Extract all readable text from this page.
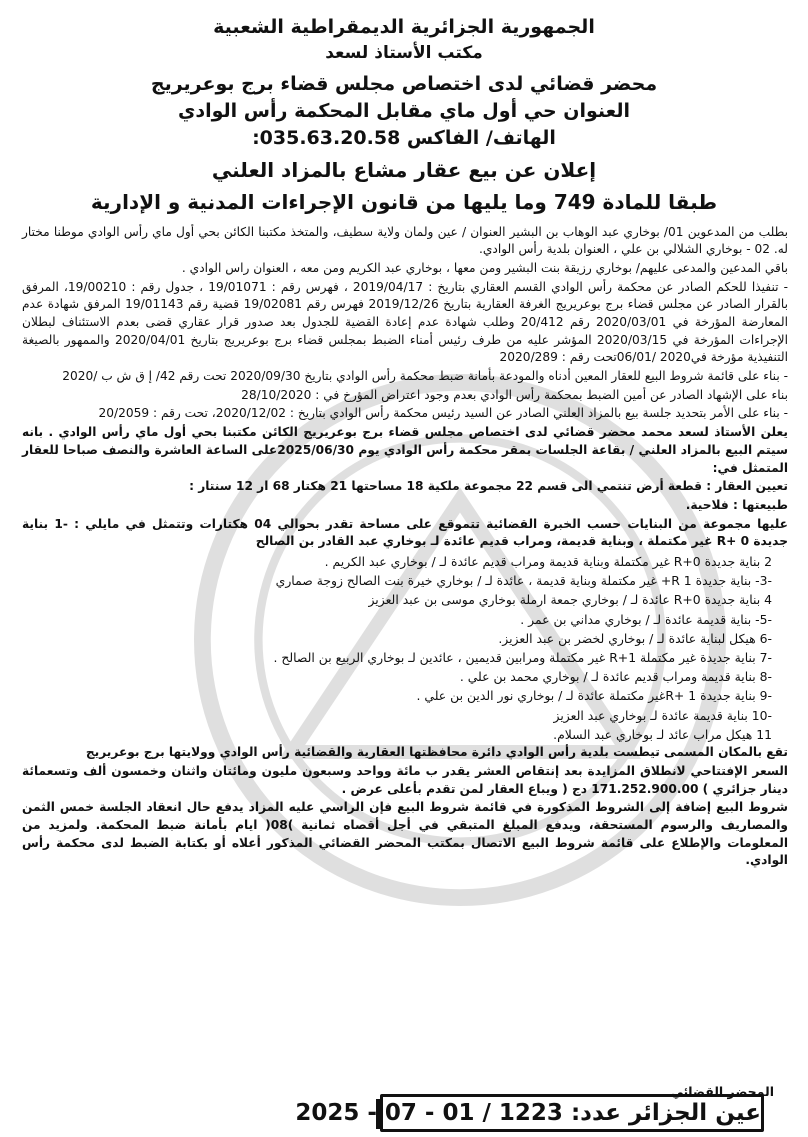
الجمهورية الجزائرية الديمقراطية الشعبية
مكتب الأستاذ لسعد
محضر قضائي لدى اختصاص مجلس قضاء برج بوعريريج
العنوان حي أول ماي مقابل المحكمة رأس الوادي
الهاتف/ الفاكس 035.63.20.58:
إعلان عن بيع عقار مشاع بالمزاد العلني
طبقا للمادة 749 وما يليها من قانون الإجراءات المدنية و الإدارية

بطلب من المدعوين 01/ بوخاري عبد الوهاب بن البشير العنوان / عين ولمان ولاية سطيف، والمتخذ مكتبنا الكائن بحي أول ماي رأس الوادي موطنا مختار له. 02 - بوخاري الشلالي بن علي ، العنوان بلدية رأس الوادي.

باقي المدعين والمدعى عليهم/ بوخاري رزيقة بنت البشير ومن معها ، بوخاري عبد الكريم ومن معه ، العنوان راس الوادي .

- تنفيذا للحكم الصادر عن محكمة رأس الوادي القسم العقاري بتاريخ : 2019/04/17 ، فهرس رقم : 19/01071 ، جدول رقم : 19/00210، المرفق بالقرار الصادر عن مجلس قضاء برج بوعريريج الغرفة العقارية بتاريخ 2019/12/26 فهرس رقم 19/02081 قضية رقم 19/01143 المرفق شهادة عدم المعارضة المؤرخة في 2020/03/01 رقم 20/412 وطلب شهادة عدم إعادة القضية للجدول بعد صدور قرار عقاري قضى بعدم الاستئناف لبطلان الإجراءات المؤرخة في 2020/03/15 المؤشر عليه من طرف رئيس أمناء الضبط بمجلس قضاء برج بوعريريج بتاريخ 2020/04/01 والممهور بالصيغة التنفيذية مؤرخة في2020 /06/01تحت رقم : 2020/289

- بناء على قائمة شروط البيع للعقار المعين أدناه والمودعة بأمانة ضبط محكمة رأس الوادي بتاريخ 2020/09/30 تحت رقم 42/ إ ق ش ب /2020

بناء على الإشهاد الصادر عن أمين الضبط بمحكمة رأس الوادي بعدم وجود اعتراض المؤرخ في : 28/10/2020

- بناء على الأمر بتحديد جلسة بيع بالمزاد العلني الصادر عن السيد رئيس محكمة رأس الوادي بتاريخ : 2020/12/02، تحت رقم : 20/2059

يعلن الأستاذ لسعد محمد محضر قضائي لدى اختصاص مجلس قضاء برج بوعريريج الكائن مكتبنا بحي أول ماي رأس الوادي . بانه سيتم البيع بالمزاد العلني / بقاعة الجلسات بمقر محكمة رأس الوادي يوم 2025/06/30على الساعة العاشرة والنصف صباحا للعقار المتمثل في:

تعيين العقار : قطعة أرض تنتمي الى قسم 22 مجموعة ملكية 18 مساحتها 21 هكتار 68 ار 12 سنتار :

طبيعتها : فلاحية.

عليها مجموعة من البنايات حسب الخبرة القضائية تتموقع على مساحة تقدر بحوالي 04 هكتارات وتتمثل في مايلي : -1 بناية جديدة 0 +R غير مكتملة ، وبناية قديمة، ومراب قديم عائدة لـ بوخاري عبد القادر بن الصالح

2 بناية جديدة R+0 غير مكتملة وبناية قديمة ومراب قديم عائدة لـ / بوخاري عبد الكريم .
-3- بناية جديدة 1 R+ غير مكتملة وبناية قديمة ، عائدة لـ / بوخاري خيرة بنت الصالح زوجة صماري
4 بناية جديدة R+0 عائدة لـ / بوخاري جمعة ارملة بوخاري موسى بن عبد العزيز
-5- بناية قديمة عائدة لـ / بوخاري مداني بن عمر .
-6 هيكل لبناية عائدة لـ / بوخاري لخضر بن عبد العزيز.
-7 بناية جديدة غير مكتملة R+1 غير مكتملة ومرابين قديمين ، عائدين لـ بوخاري الربيع بن الصالح .
-8 بناية قديمة ومراب قديم عائدة لـ / بوخاري محمد بن علي .
-9 بناية جديدة 1 +Rغير مكتملة عائدة لـ / بوخاري نور الدين بن علي .
-10 بناية قديمة عائدة لـ بوخاري عبد العزيز
11 هيكل مراب عائد لـ بوخاري عبد السلام.

تقع بالمكان المسمى تيطست بلدية رأس الوادي دائرة محافظتها العقارية والقضائية رأس الوادي وولايتها برج بوعريريج

السعر الإفتتاحي لانطلاق المزايدة بعد إنتقاص العشر يقدر ب مائة وواحد وسبعون مليون ومائتان واثنان وخمسون ألف وتسعمائة دينار جزائري ) 171.252.900.00 دج ( ويباع العقار لمن تقدم بأعلى عرض .

شروط البيع إضافة إلى الشروط المذكورة في قائمة شروط البيع فإن الراسي عليه المزاد يدفع حال انعقاد الجلسة خمس الثمن والمصاريف والرسوم المستحقة، ويدفع المبلغ المتبقي في أجل أقصاه ثمانية )08( ايام بأمانة ضبط المحكمة. ولمزيد من المعلومات والإطلاع على قائمة شروط البيع الاتصال بمكتب المحضر القضائي المذكور أعلاه أو بكتابة الضبط لدى محكمة رأس الوادي.

المحضر القضائي
عين الجزائر عدد: 1223 / 01 - 07 - 2025
